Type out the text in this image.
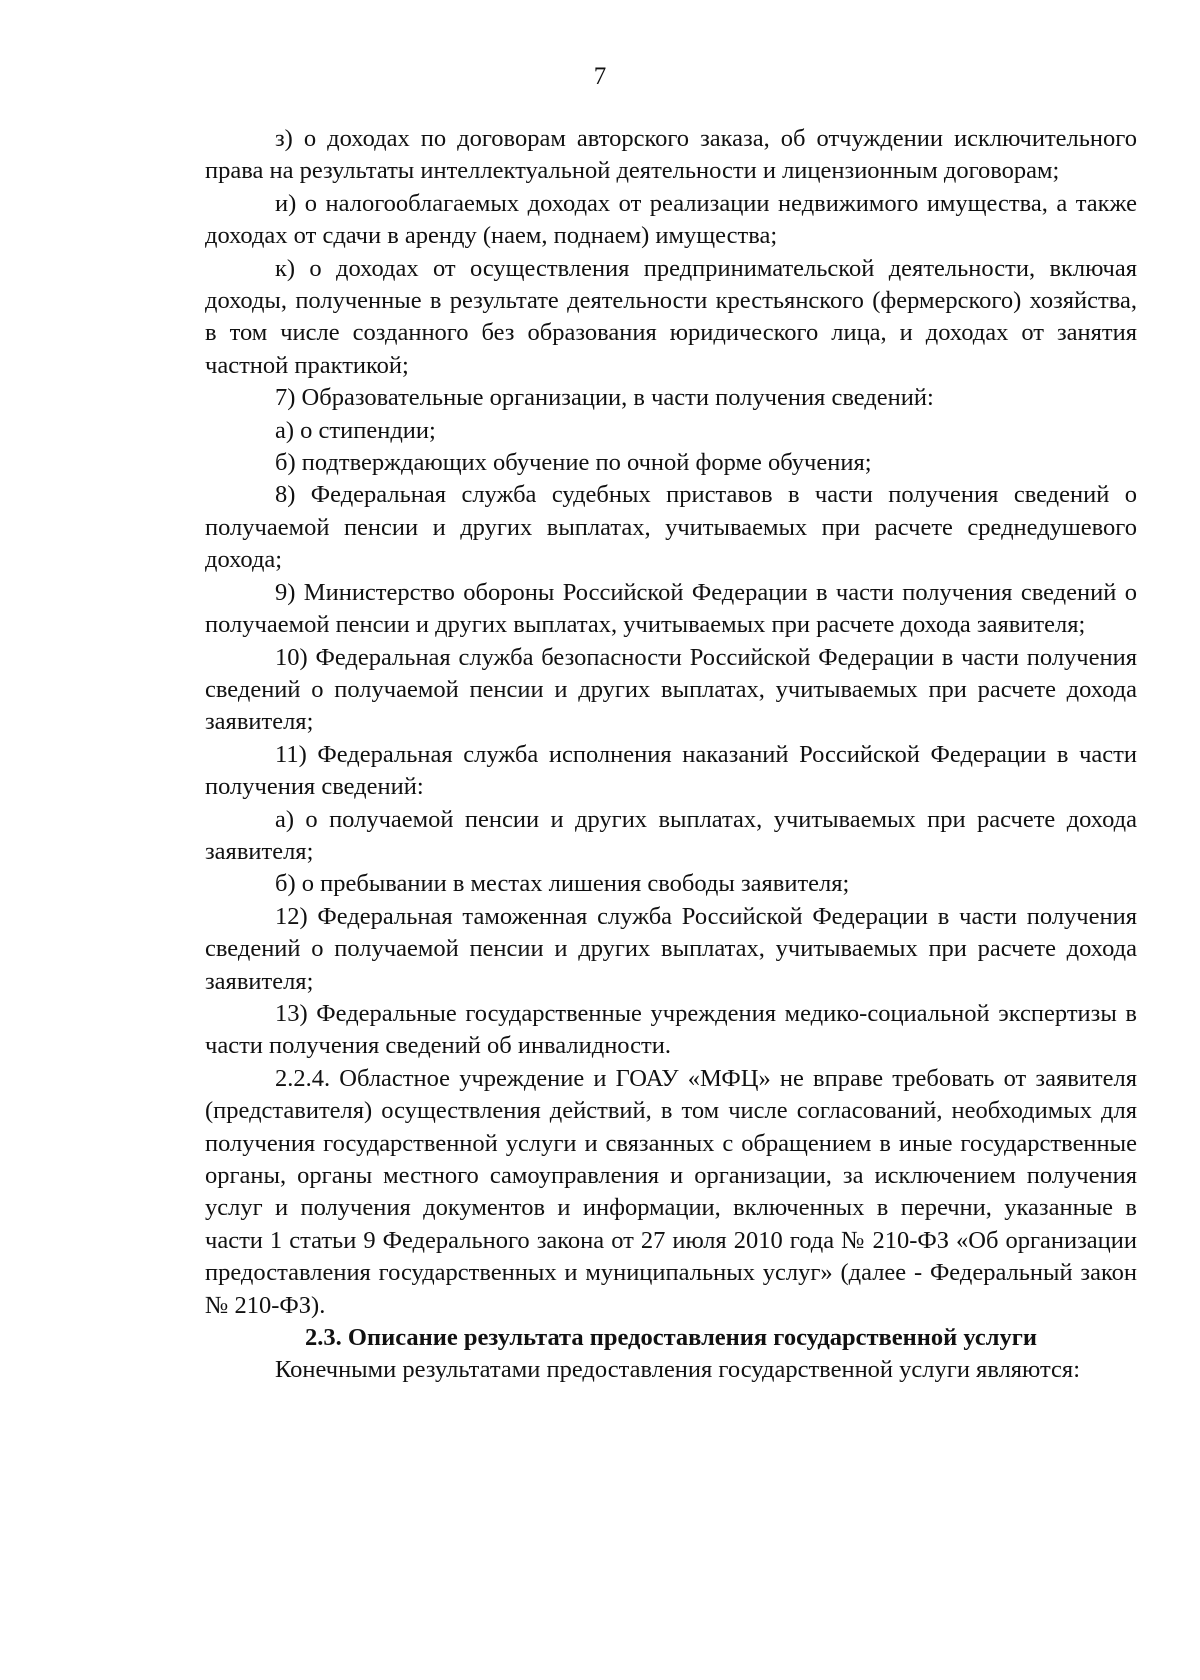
7

з) о доходах по договорам авторского заказа, об отчуждении исключительного права на результаты интеллектуальной деятельности и лицензионным договорам;

и) о налогооблагаемых доходах от реализации недвижимого имущества, а также доходах от сдачи в аренду (наем, поднаем) имущества;

к) о доходах от осуществления предпринимательской деятельности, включая доходы, полученные в результате деятельности крестьянского (фермерского) хозяйства, в том числе созданного без образования юридического лица, и доходах от занятия частной практикой;

7) Образовательные организации, в части получения сведений:

а) о стипендии;

б) подтверждающих обучение по очной форме обучения;

8) Федеральная служба судебных приставов в части получения сведений о получаемой пенсии и других выплатах, учитываемых при расчете среднедушевого дохода;

9) Министерство обороны Российской Федерации в части получения сведений о получаемой пенсии и других выплатах, учитываемых при расчете дохода заявителя;

10) Федеральная служба безопасности Российской Федерации в части получения сведений о получаемой пенсии и других выплатах, учитываемых при расчете дохода заявителя;

11) Федеральная служба исполнения наказаний Российской Федерации в части получения сведений:

а) о получаемой пенсии и других выплатах, учитываемых при расчете дохода заявителя;

б) о пребывании в местах лишения свободы заявителя;

12) Федеральная таможенная служба Российской Федерации в части получения сведений о получаемой пенсии и других выплатах, учитываемых при расчете дохода заявителя;

13) Федеральные государственные учреждения медико-социальной экспертизы в части получения сведений об инвалидности.

2.2.4. Областное учреждение и ГОАУ «МФЦ» не вправе требовать от заявителя (представителя) осуществления действий, в том числе согласований, необходимых для получения государственной услуги и связанных с обращением в иные государственные органы, органы местного самоуправления и организации, за исключением получения услуг и получения документов и информации, включенных в перечни, указанные в части 1 статьи 9 Федерального закона от 27 июля 2010 года № 210-ФЗ «Об организации предоставления государственных и муниципальных услуг» (далее - Федеральный закон № 210-ФЗ).

2.3. Описание результата предоставления государственной услуги

Конечными результатами предоставления государственной услуги являются:
